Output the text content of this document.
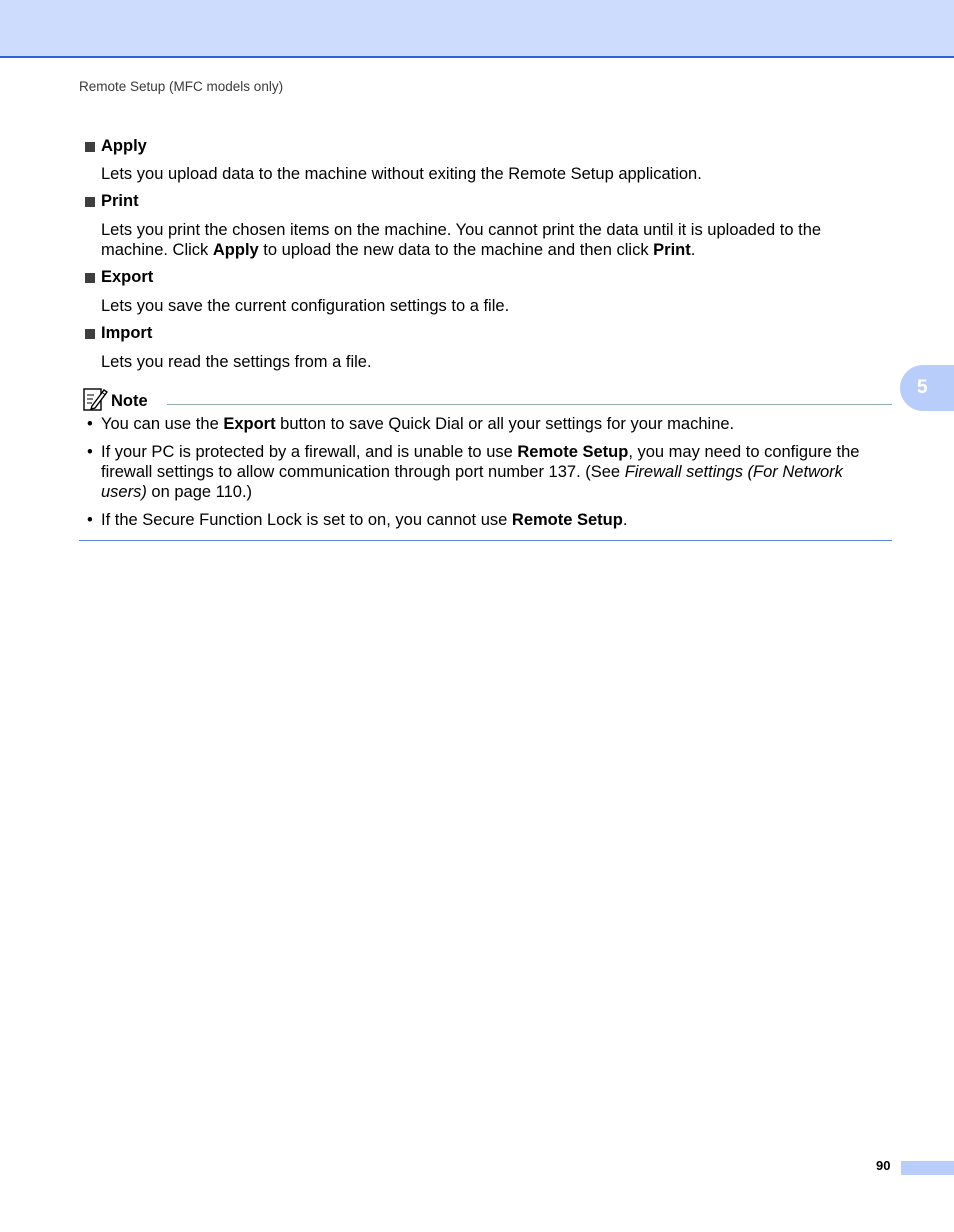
Remote Setup (MFC models only)
Apply
Lets you upload data to the machine without exiting the Remote Setup application.
Print
Lets you print the chosen items on the machine. You cannot print the data until it is uploaded to the machine. Click Apply to upload the new data to the machine and then click Print.
Export
Lets you save the current configuration settings to a file.
Import
Lets you read the settings from a file.
Note
• You can use the Export button to save Quick Dial or all your settings for your machine.
• If your PC is protected by a firewall, and is unable to use Remote Setup, you may need to configure the firewall settings to allow communication through port number 137. (See Firewall settings (For Network users) on page 110.)
• If the Secure Function Lock is set to on, you cannot use Remote Setup.
5
90
